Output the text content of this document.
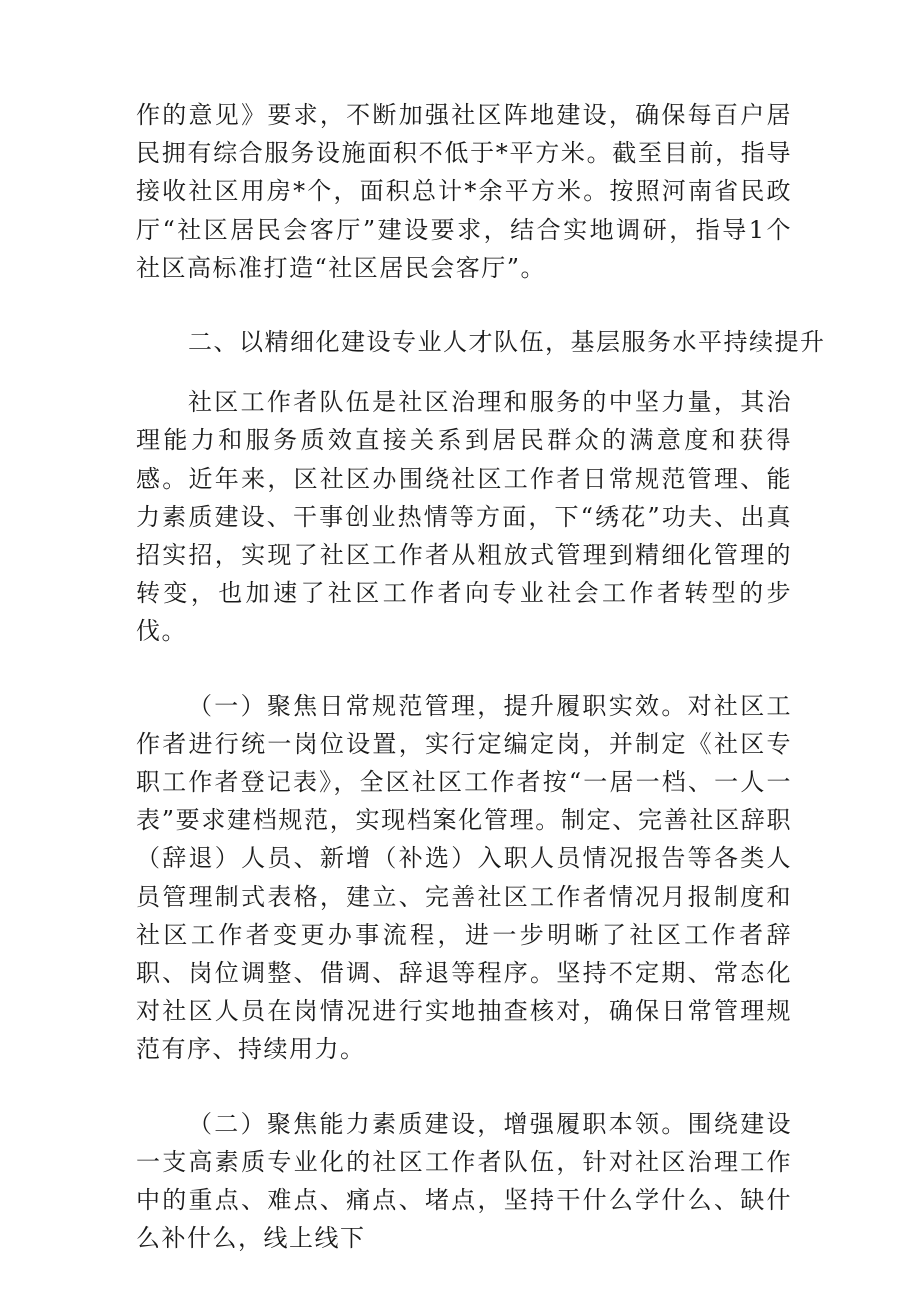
作的意见》要求，不断加强社区阵地建设，确保每百户居民拥有综合服务设施面积不低于*平方米。截至目前，指导接收社区用房*个，面积总计*余平方米。按照河南省民政厅“社区居民会客厅”建设要求，结合实地调研，指导1个社区高标准打造“社区居民会客厅”。

二、以精细化建设专业人才队伍，基层服务水平持续提升

社区工作者队伍是社区治理和服务的中坚力量，其治理能力和服务质效直接关系到居民群众的满意度和获得感。近年来，区社区办围绕社区工作者日常规范管理、能力素质建设、干事创业热情等方面，下“绣花”功夫、出真招实招，实现了社区工作者从粗放式管理到精细化管理的转变，也加速了社区工作者向专业社会工作者转型的步伐。

（一）聚焦日常规范管理，提升履职实效。对社区工作者进行统一岗位设置，实行定编定岗，并制定《社区专职工作者登记表》，全区社区工作者按“一居一档、一人一表”要求建档规范，实现档案化管理。制定、完善社区辞职（辞退）人员、新增（补选）入职人员情况报告等各类人员管理制式表格，建立、完善社区工作者情况月报制度和社区工作者变更办事流程，进一步明晰了社区工作者辞职、岗位调整、借调、辞退等程序。坚持不定期、常态化对社区人员在岗情况进行实地抽查核对，确保日常管理规范有序、持续用力。

（二）聚焦能力素质建设，增强履职本领。围绕建设一支高素质专业化的社区工作者队伍，针对社区治理工作中的重点、难点、痛点、堵点，坚持干什么学什么、缺什么补什么，线上线下
